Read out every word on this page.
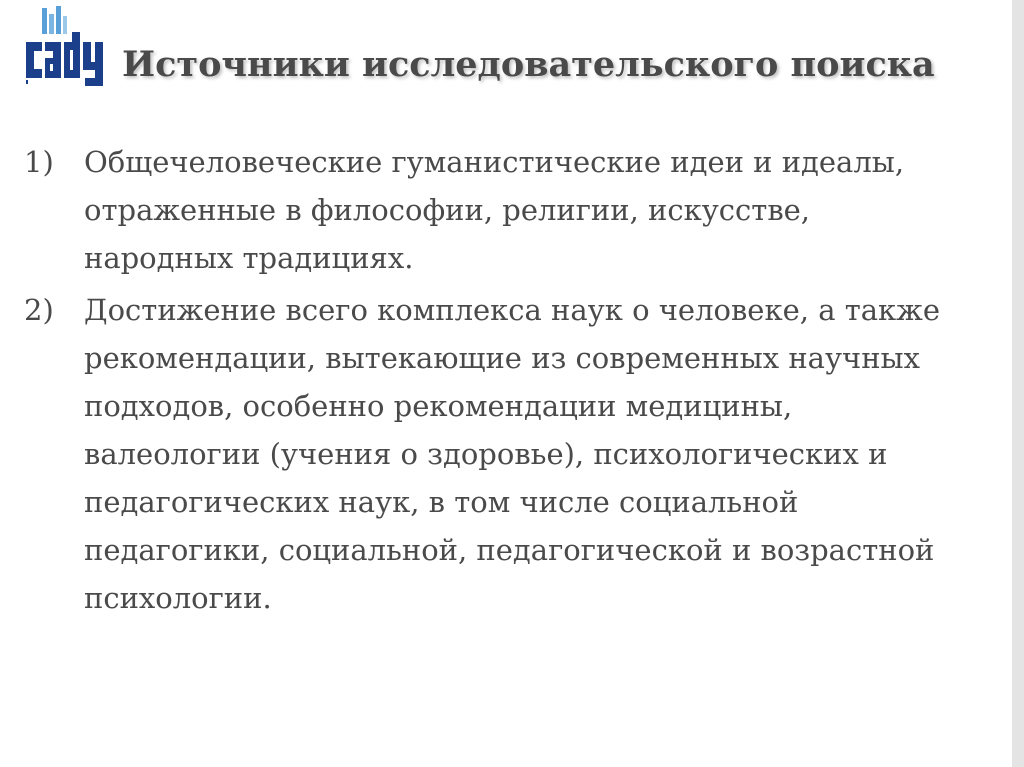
Источники исследовательского поиска
1)	Общечеловеческие гуманистические идеи и идеалы, отраженные в философии, религии, искусстве, народных традициях.
2)	Достижение всего комплекса наук о человеке, а также рекомендации, вытекающие из современных научных подходов, особенно рекомендации медицины, валеологии (учения о здоровье), психологических и педагогических наук, в том числе социальной педагогики, социальной, педагогической и возрастной психологии.
